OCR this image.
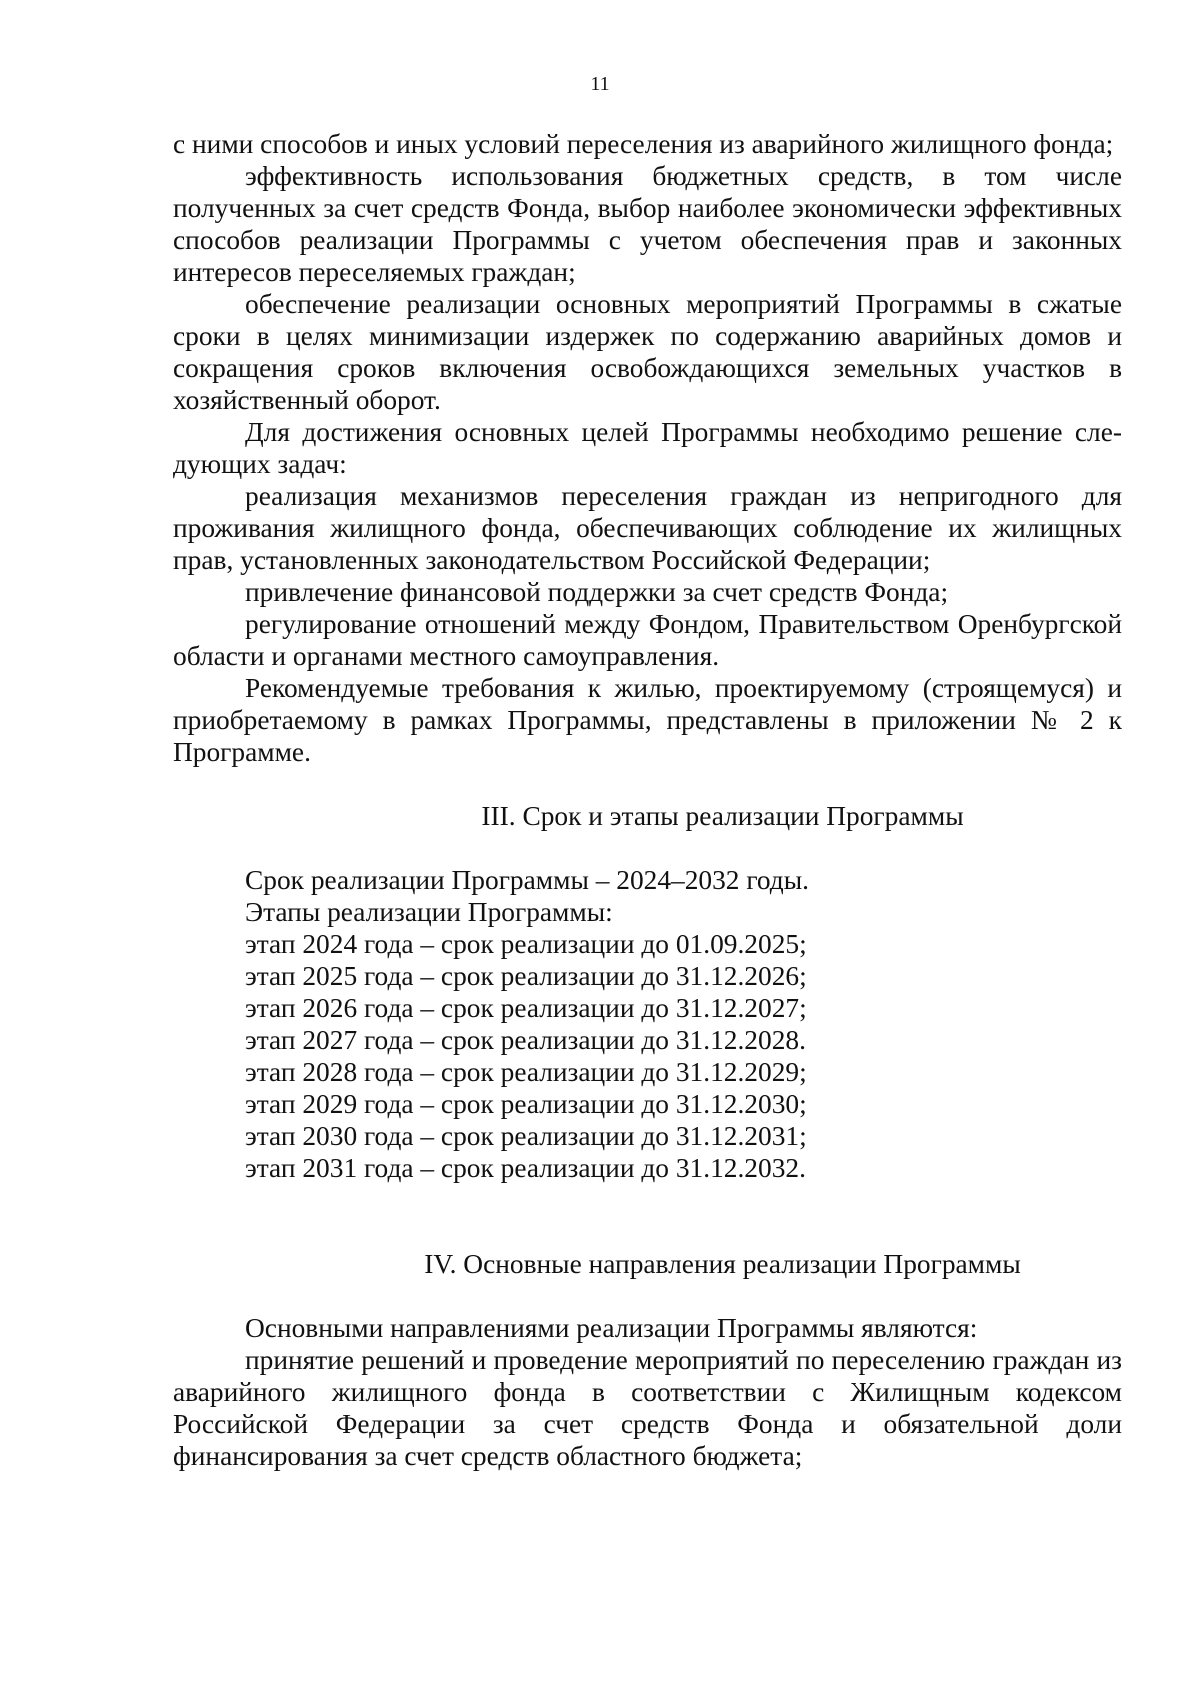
11

с ними способов и иных условий переселения из аварийного жилищного фонда;

эффективность использования бюджетных средств, в том числе полученных за счет средств Фонда, выбор наиболее экономически эффективных способов реализации Программы с учетом обеспечения прав и законных интересов переселяемых граждан;

обеспечение реализации основных мероприятий Программы в сжатые сроки в целях минимизации издержек по содержанию аварийных домов и сокращения сроков включения освобождающихся земельных участков в хозяйственный оборот.

Для достижения основных целей Программы необходимо решение следующих задач:

реализация механизмов переселения граждан из непригодного для проживания жилищного фонда, обеспечивающих соблюдение их жилищных прав, установленных законодательством Российской Федерации;

привлечение финансовой поддержки за счет средств Фонда;

регулирование отношений между Фондом, Правительством Оренбургской области и органами местного самоуправления.

Рекомендуемые требования к жилью, проектируемому (строящемуся) и приобретаемому в рамках Программы, представлены в приложении № 2 к Программе.

III. Срок и этапы реализации Программы

Срок реализации Программы – 2024–2032 годы.

Этапы реализации Программы:

этап 2024 года – срок реализации до 01.09.2025;

этап 2025 года – срок реализации до 31.12.2026;

этап 2026 года – срок реализации до 31.12.2027;

этап 2027 года – срок реализации до 31.12.2028.

этап 2028 года – срок реализации до 31.12.2029;

этап 2029 года – срок реализации до 31.12.2030;

этап 2030 года – срок реализации до 31.12.2031;

этап 2031 года – срок реализации до 31.12.2032.

IV. Основные направления реализации Программы

Основными направлениями реализации Программы являются:

принятие решений и проведение мероприятий по переселению граждан из аварийного жилищного фонда в соответствии с Жилищным кодексом Российской Федерации за счет средств Фонда и обязательной доли финансирования за счет средств областного бюджета;
